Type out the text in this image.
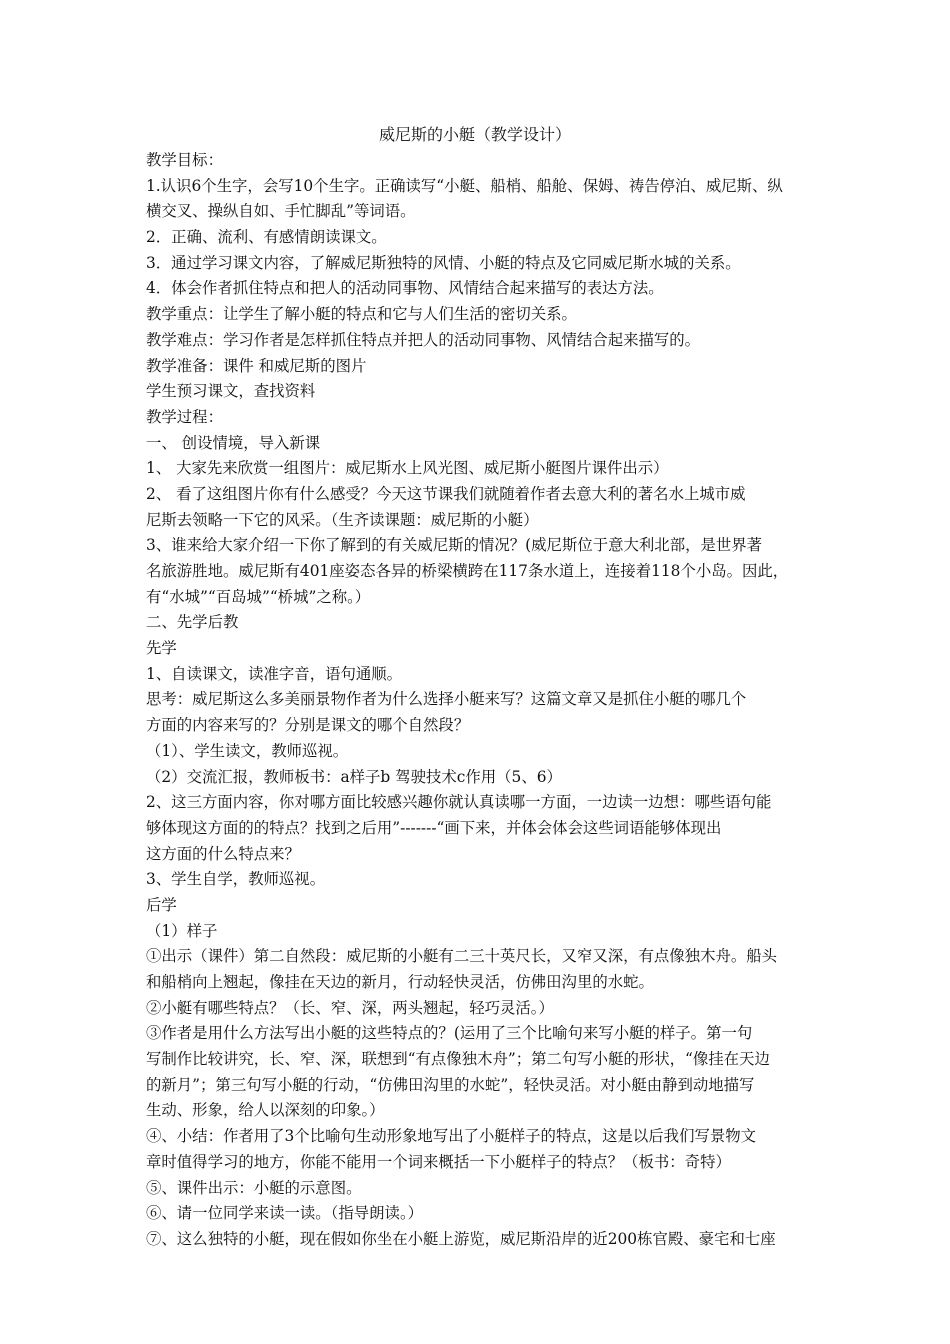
威尼斯的小艇（教学设计）
教学目标：
1.认识6个生字，会写10个生字。正确读写“小艇、船梢、船舱、保姆、祷告停泊、威尼斯、纵
横交叉、操纵自如、手忙脚乱”等词语。
2．正确、流利、有感情朗读课文。
3．通过学习课文内容，了解威尼斯独特的风情、小艇的特点及它同威尼斯水城的关系。
4．体会作者抓住特点和把人的活动同事物、风情结合起来描写的表达方法。
教学重点：让学生了解小艇的特点和它与人们生活的密切关系。
教学难点：学习作者是怎样抓住特点并把人的活动同事物、风情结合起来描写的。
教学准备：课件 和威尼斯的图片
学生预习课文，查找资料
教学过程：
一、 创设情境，导入新课
1、 大家先来欣赏一组图片：威尼斯水上风光图、威尼斯小艇图片课件出示）
2、 看了这组图片你有什么感受？今天这节课我们就随着作者去意大利的著名水上城市威
尼斯去领略一下它的风采。（生齐读课题：威尼斯的小艇）
3、谁来给大家介绍一下你了解到的有关威尼斯的情况？(威尼斯位于意大利北部，是世界著
名旅游胜地。威尼斯有401座姿态各异的桥梁横跨在117条水道上，连接着118个小岛。因此，
有“水城”“百岛城”“桥城”之称。）
二、先学后教
先学
1、自读课文，读准字音，语句通顺。
思考：威尼斯这么多美丽景物作者为什么选择小艇来写？这篇文章又是抓住小艇的哪几个
方面的内容来写的？分别是课文的哪个自然段？
（1）、学生读文，教师巡视。
（2）交流汇报，教师板书：a样子b 驾驶技术c作用（5、6）
2、这三方面内容，你对哪方面比较感兴趣你就认真读哪一方面，一边读一边想：哪些语句能
够体现这方面的的特点？找到之后用”-------“画下来，并体会体会这些词语能够体现出
这方面的什么特点来？
3、学生自学，教师巡视。
后学
（1）样子
①出示（课件）第二自然段：威尼斯的小艇有二三十英尺长，又窄又深，有点像独木舟。船头
和船梢向上翘起，像挂在天边的新月，行动轻快灵活，仿佛田沟里的水蛇。
②小艇有哪些特点？（长、窄、深，两头翘起，轻巧灵活。）
③作者是用什么方法写出小艇的这些特点的？(运用了三个比喻句来写小艇的样子。第一句
写制作比较讲究，长、窄、深，联想到“有点像独木舟”；第二句写小艇的形状，“像挂在天边
的新月”；第三句写小艇的行动，“仿佛田沟里的水蛇”，轻快灵活。对小艇由静到动地描写
生动、形象，给人以深刻的印象。）
④、小结：作者用了3个比喻句生动形象地写出了小艇样子的特点，这是以后我们写景物文
章时值得学习的地方，你能不能用一个词来概括一下小艇样子的特点？（板书：奇特）
⑤、课件出示：小艇的示意图。
⑥、请一位同学来读一读。（指导朗读。）
⑦、这么独特的小艇，现在假如你坐在小艇上游览，威尼斯沿岸的近200栋官殿、豪宅和七座
